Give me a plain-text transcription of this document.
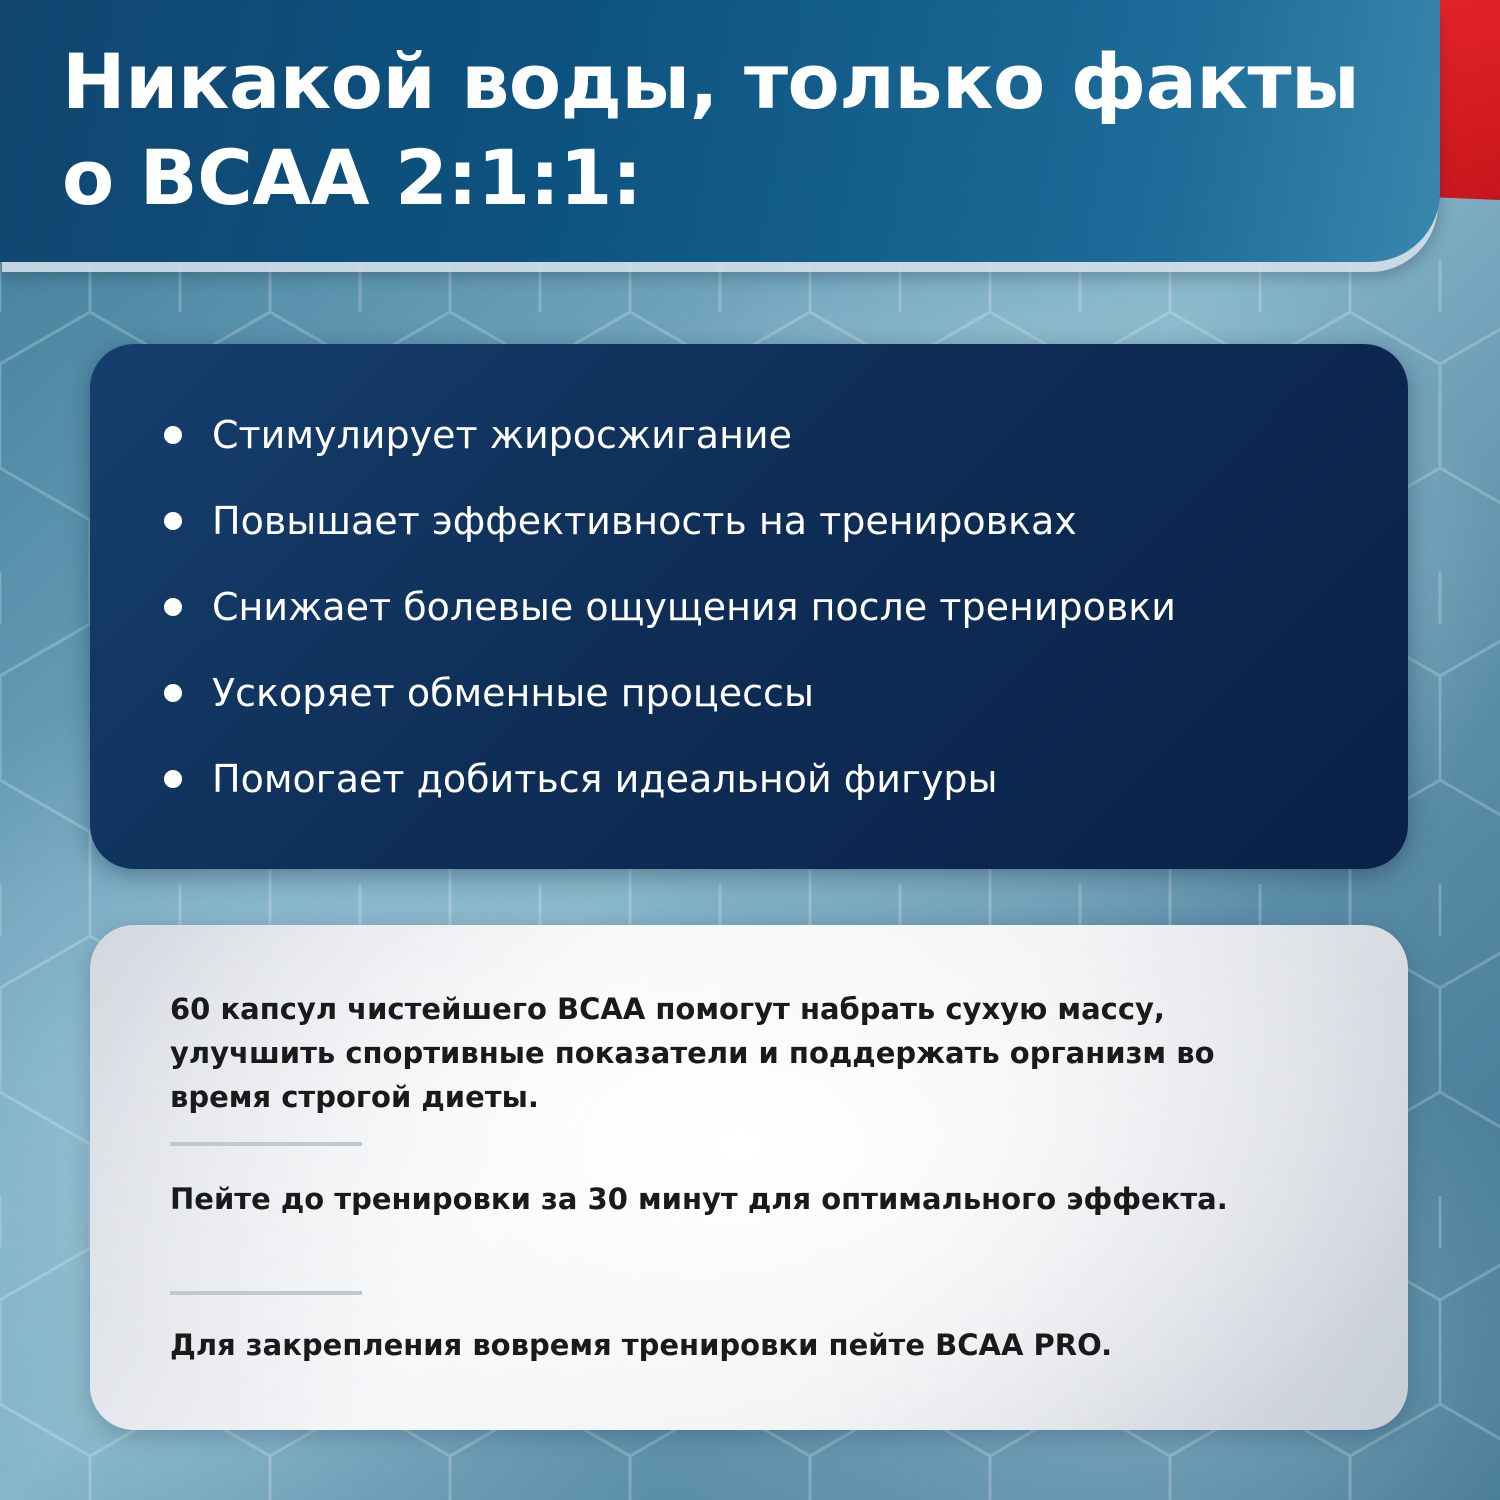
Никакой воды, только факты о BCAA 2:1:1:
Стимулирует жиросжигание
Повышает эффективность на тренировках
Снижает болевые ощущения после тренировки
Ускоряет обменные процессы
Помогает добиться идеальной фигуры

60 капсул чистейшего BCAA помогут набрать сухую массу, улучшить спортивные показатели и поддержать организм во время строгой диеты.

Пейте до тренировки за 30 минут для оптимального эффекта.

Для закрепления вовремя тренировки пейте BCAA PRO.
